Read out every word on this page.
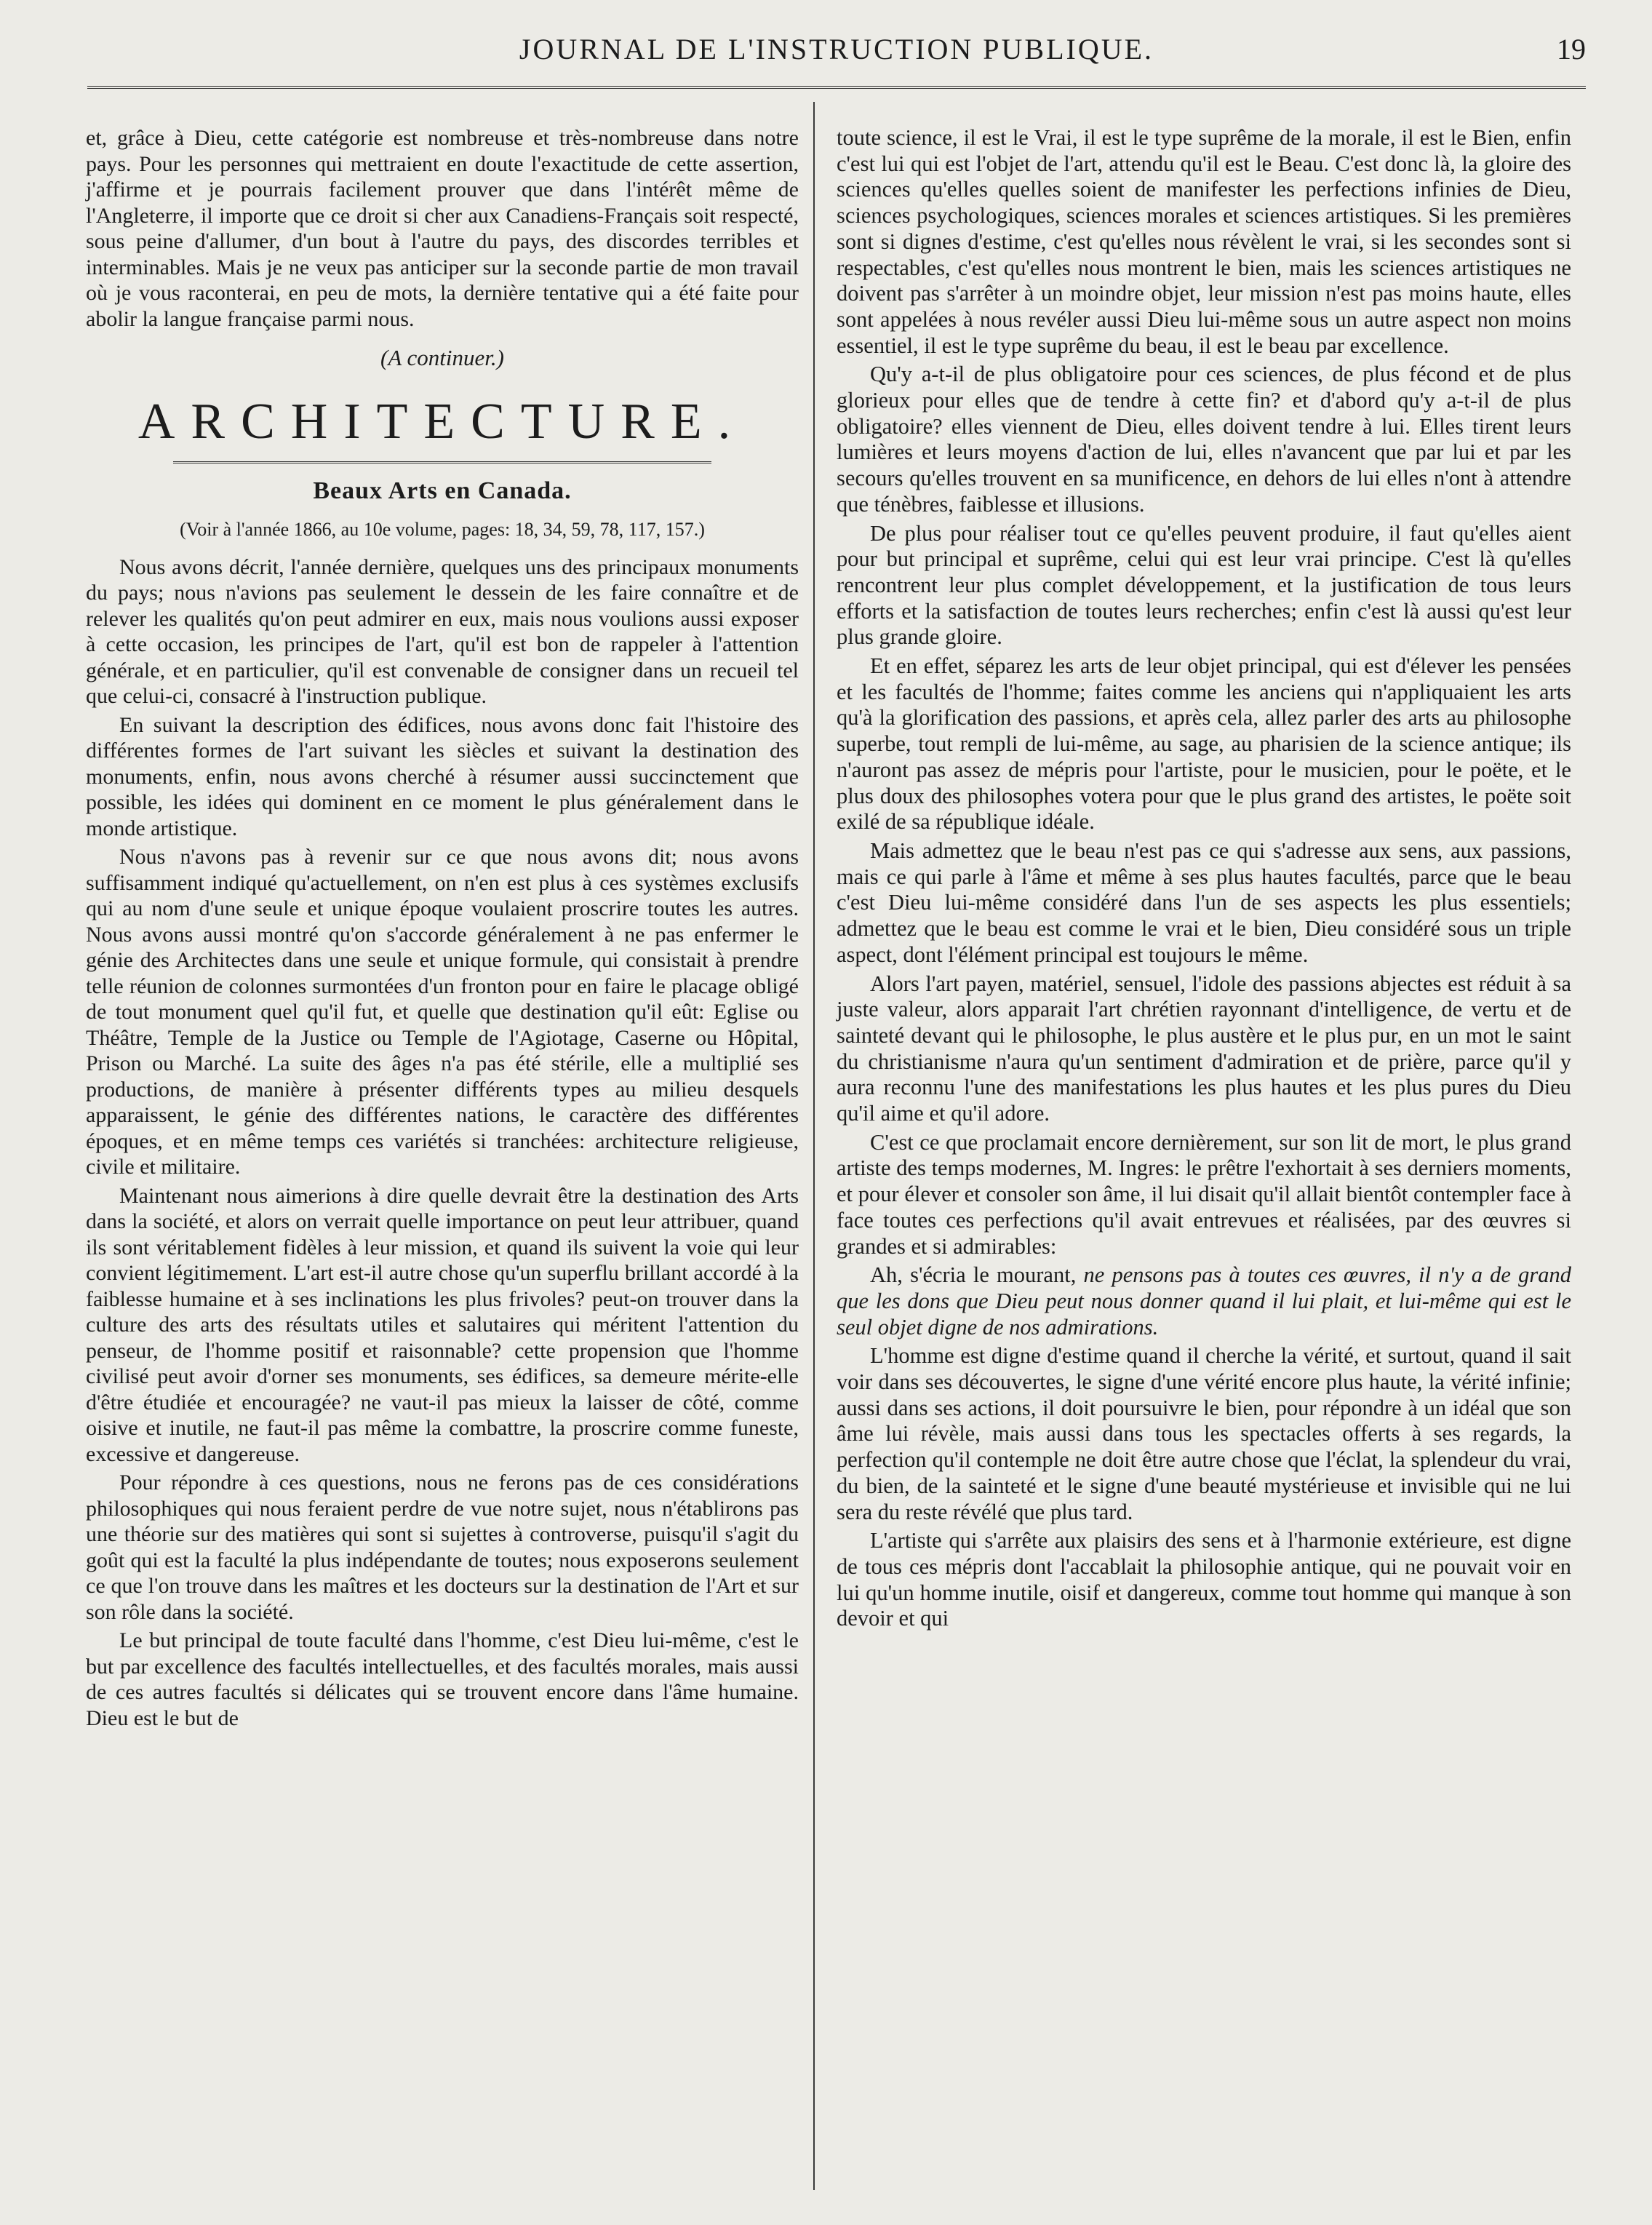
JOURNAL DE L'INSTRUCTION PUBLIQUE.	19

et, grâce à Dieu, cette catégorie est nombreuse et très-nombreuse dans notre pays. Pour les personnes qui mettraient en doute l'exactitude de cette assertion, j'affirme et je pourrais facilement prouver que dans l'intérêt même de l'Angleterre, il importe que ce droit si cher aux Canadiens-Français soit respecté, sous peine d'allumer, d'un bout à l'autre du pays, des discordes terribles et interminables. Mais je ne veux pas anticiper sur la seconde partie de mon travail où je vous raconterai, en peu de mots, la dernière tentative qui a été faite pour abolir la langue française parmi nous.

(A continuer.)
ARCHITECTURE.
Beaux Arts en Canada.
(Voir à l'année 1866, au 10e volume, pages: 18, 34, 59, 78, 117, 157.)

Nous avons décrit, l'année dernière, quelques uns des principaux monuments du pays; nous n'avions pas seulement le dessein de les faire connaître et de relever les qualités qu'on peut admirer en eux, mais nous voulions aussi exposer à cette occasion, les principes de l'art, qu'il est bon de rappeler à l'attention générale, et en particulier, qu'il est convenable de consigner dans un recueil tel que celui-ci, consacré à l'instruction publique.

En suivant la description des édifices, nous avons donc fait l'histoire des différentes formes de l'art suivant les siècles et suivant la destination des monuments, enfin, nous avons cherché à résumer aussi succinctement que possible, les idées qui dominent en ce moment le plus généralement dans le monde artistique.

Nous n'avons pas à revenir sur ce que nous avons dit; nous avons suffisamment indiqué qu'actuellement, on n'en est plus à ces systèmes exclusifs qui au nom d'une seule et unique époque voulaient proscrire toutes les autres. Nous avons aussi montré qu'on s'accorde généralement à ne pas enfermer le génie des Architectes dans une seule et unique formule, qui consistait à prendre telle réunion de colonnes surmontées d'un fronton pour en faire le placage obligé de tout monument quel qu'il fut, et quelle que destination qu'il eût: Eglise ou Théâtre, Temple de la Justice ou Temple de l'Agiotage, Caserne ou Hôpital, Prison ou Marché. La suite des âges n'a pas été stérile, elle a multiplié ses productions, de manière à présenter différents types au milieu desquels apparaissent, le génie des différentes nations, le caractère des différentes époques, et en même temps ces variétés si tranchées: architecture religieuse, civile et militaire.

Maintenant nous aimerions à dire quelle devrait être la destination des Arts dans la société, et alors on verrait quelle importance on peut leur attribuer, quand ils sont véritablement fidèles à leur mission, et quand ils suivent la voie qui leur convient légitimement. L'art est-il autre chose qu'un superflu brillant accordé à la faiblesse humaine et à ses inclinations les plus frivoles? peut-on trouver dans la culture des arts des résultats utiles et salutaires qui méritent l'attention du penseur, de l'homme positif et raisonnable? cette propension que l'homme civilisé peut avoir d'orner ses monuments, ses édifices, sa demeure mérite-elle d'être étudiée et encouragée? ne vaut-il pas mieux la laisser de côté, comme oisive et inutile, ne faut-il pas même la combattre, la proscrire comme funeste, excessive et dangereuse.

Pour répondre à ces questions, nous ne ferons pas de ces considérations philosophiques qui nous feraient perdre de vue notre sujet, nous n'établirons pas une théorie sur des matières qui sont si sujettes à controverse, puisqu'il s'agit du goût qui est la faculté la plus indépendante de toutes; nous exposerons seulement ce que l'on trouve dans les maîtres et les docteurs sur la destination de l'Art et sur son rôle dans la société.

Le but principal de toute faculté dans l'homme, c'est Dieu lui-même, c'est le but par excellence des facultés intellectuelles, et des facultés morales, mais aussi de ces autres facultés si délicates qui se trouvent encore dans l'âme humaine. Dieu est le but de

toute science, il est le Vrai, il est le type suprême de la morale, il est le Bien, enfin c'est lui qui est l'objet de l'art, attendu qu'il est le Beau. C'est donc là, la gloire des sciences qu'elles quelles soient de manifester les perfections infinies de Dieu, sciences psychologiques, sciences morales et sciences artistiques. Si les premières sont si dignes d'estime, c'est qu'elles nous révèlent le vrai, si les secondes sont si respectables, c'est qu'elles nous montrent le bien, mais les sciences artistiques ne doivent pas s'arrêter à un moindre objet, leur mission n'est pas moins haute, elles sont appelées à nous revéler aussi Dieu lui-même sous un autre aspect non moins essentiel, il est le type suprême du beau, il est le beau par excellence.

Qu'y a-t-il de plus obligatoire pour ces sciences, de plus fécond et de plus glorieux pour elles que de tendre à cette fin? et d'abord qu'y a-t-il de plus obligatoire? elles viennent de Dieu, elles doivent tendre à lui. Elles tirent leurs lumières et leurs moyens d'action de lui, elles n'avancent que par lui et par les secours qu'elles trouvent en sa munificence, en dehors de lui elles n'ont à attendre que ténèbres, faiblesse et illusions.

De plus pour réaliser tout ce qu'elles peuvent produire, il faut qu'elles aient pour but principal et suprême, celui qui est leur vrai principe. C'est là qu'elles rencontrent leur plus complet développement, et la justification de tous leurs efforts et la satisfaction de toutes leurs recherches; enfin c'est là aussi qu'est leur plus grande gloire.

Et en effet, séparez les arts de leur objet principal, qui est d'élever les pensées et les facultés de l'homme; faites comme les anciens qui n'appliquaient les arts qu'à la glorification des passions, et après cela, allez parler des arts au philosophe superbe, tout rempli de lui-même, au sage, au pharisien de la science antique; ils n'auront pas assez de mépris pour l'artiste, pour le musicien, pour le poëte, et le plus doux des philosophes votera pour que le plus grand des artistes, le poëte soit exilé de sa république idéale.

Mais admettez que le beau n'est pas ce qui s'adresse aux sens, aux passions, mais ce qui parle à l'âme et même à ses plus hautes facultés, parce que le beau c'est Dieu lui-même considéré dans l'un de ses aspects les plus essentiels; admettez que le beau est comme le vrai et le bien, Dieu considéré sous un triple aspect, dont l'élément principal est toujours le même.

Alors l'art payen, matériel, sensuel, l'idole des passions abjectes est réduit à sa juste valeur, alors apparait l'art chrétien rayonnant d'intelligence, de vertu et de sainteté devant qui le philosophe, le plus austère et le plus pur, en un mot le saint du christianisme n'aura qu'un sentiment d'admiration et de prière, parce qu'il y aura reconnu l'une des manifestations les plus hautes et les plus pures du Dieu qu'il aime et qu'il adore.

C'est ce que proclamait encore dernièrement, sur son lit de mort, le plus grand artiste des temps modernes, M. Ingres: le prêtre l'exhortait à ses derniers moments, et pour élever et consoler son âme, il lui disait qu'il allait bientôt contempler face à face toutes ces perfections qu'il avait entrevues et réalisées, par des œuvres si grandes et si admirables:

Ah, s'écria le mourant, ne pensons pas à toutes ces œuvres, il n'y a de grand que les dons que Dieu peut nous donner quand il lui plait, et lui-même qui est le seul objet digne de nos admirations.

L'homme est digne d'estime quand il cherche la vérité, et surtout, quand il sait voir dans ses découvertes, le signe d'une vérité encore plus haute, la vérité infinie; aussi dans ses actions, il doit poursuivre le bien, pour répondre à un idéal que son âme lui révèle, mais aussi dans tous les spectacles offerts à ses regards, la perfection qu'il contemple ne doit être autre chose que l'éclat, la splendeur du vrai, du bien, de la sainteté et le signe d'une beauté mystérieuse et invisible qui ne lui sera du reste révélé que plus tard.

L'artiste qui s'arrête aux plaisirs des sens et à l'harmonie extérieure, est digne de tous ces mépris dont l'accablait la philosophie antique, qui ne pouvait voir en lui qu'un homme inutile, oisif et dangereux, comme tout homme qui manque à son devoir et qui
